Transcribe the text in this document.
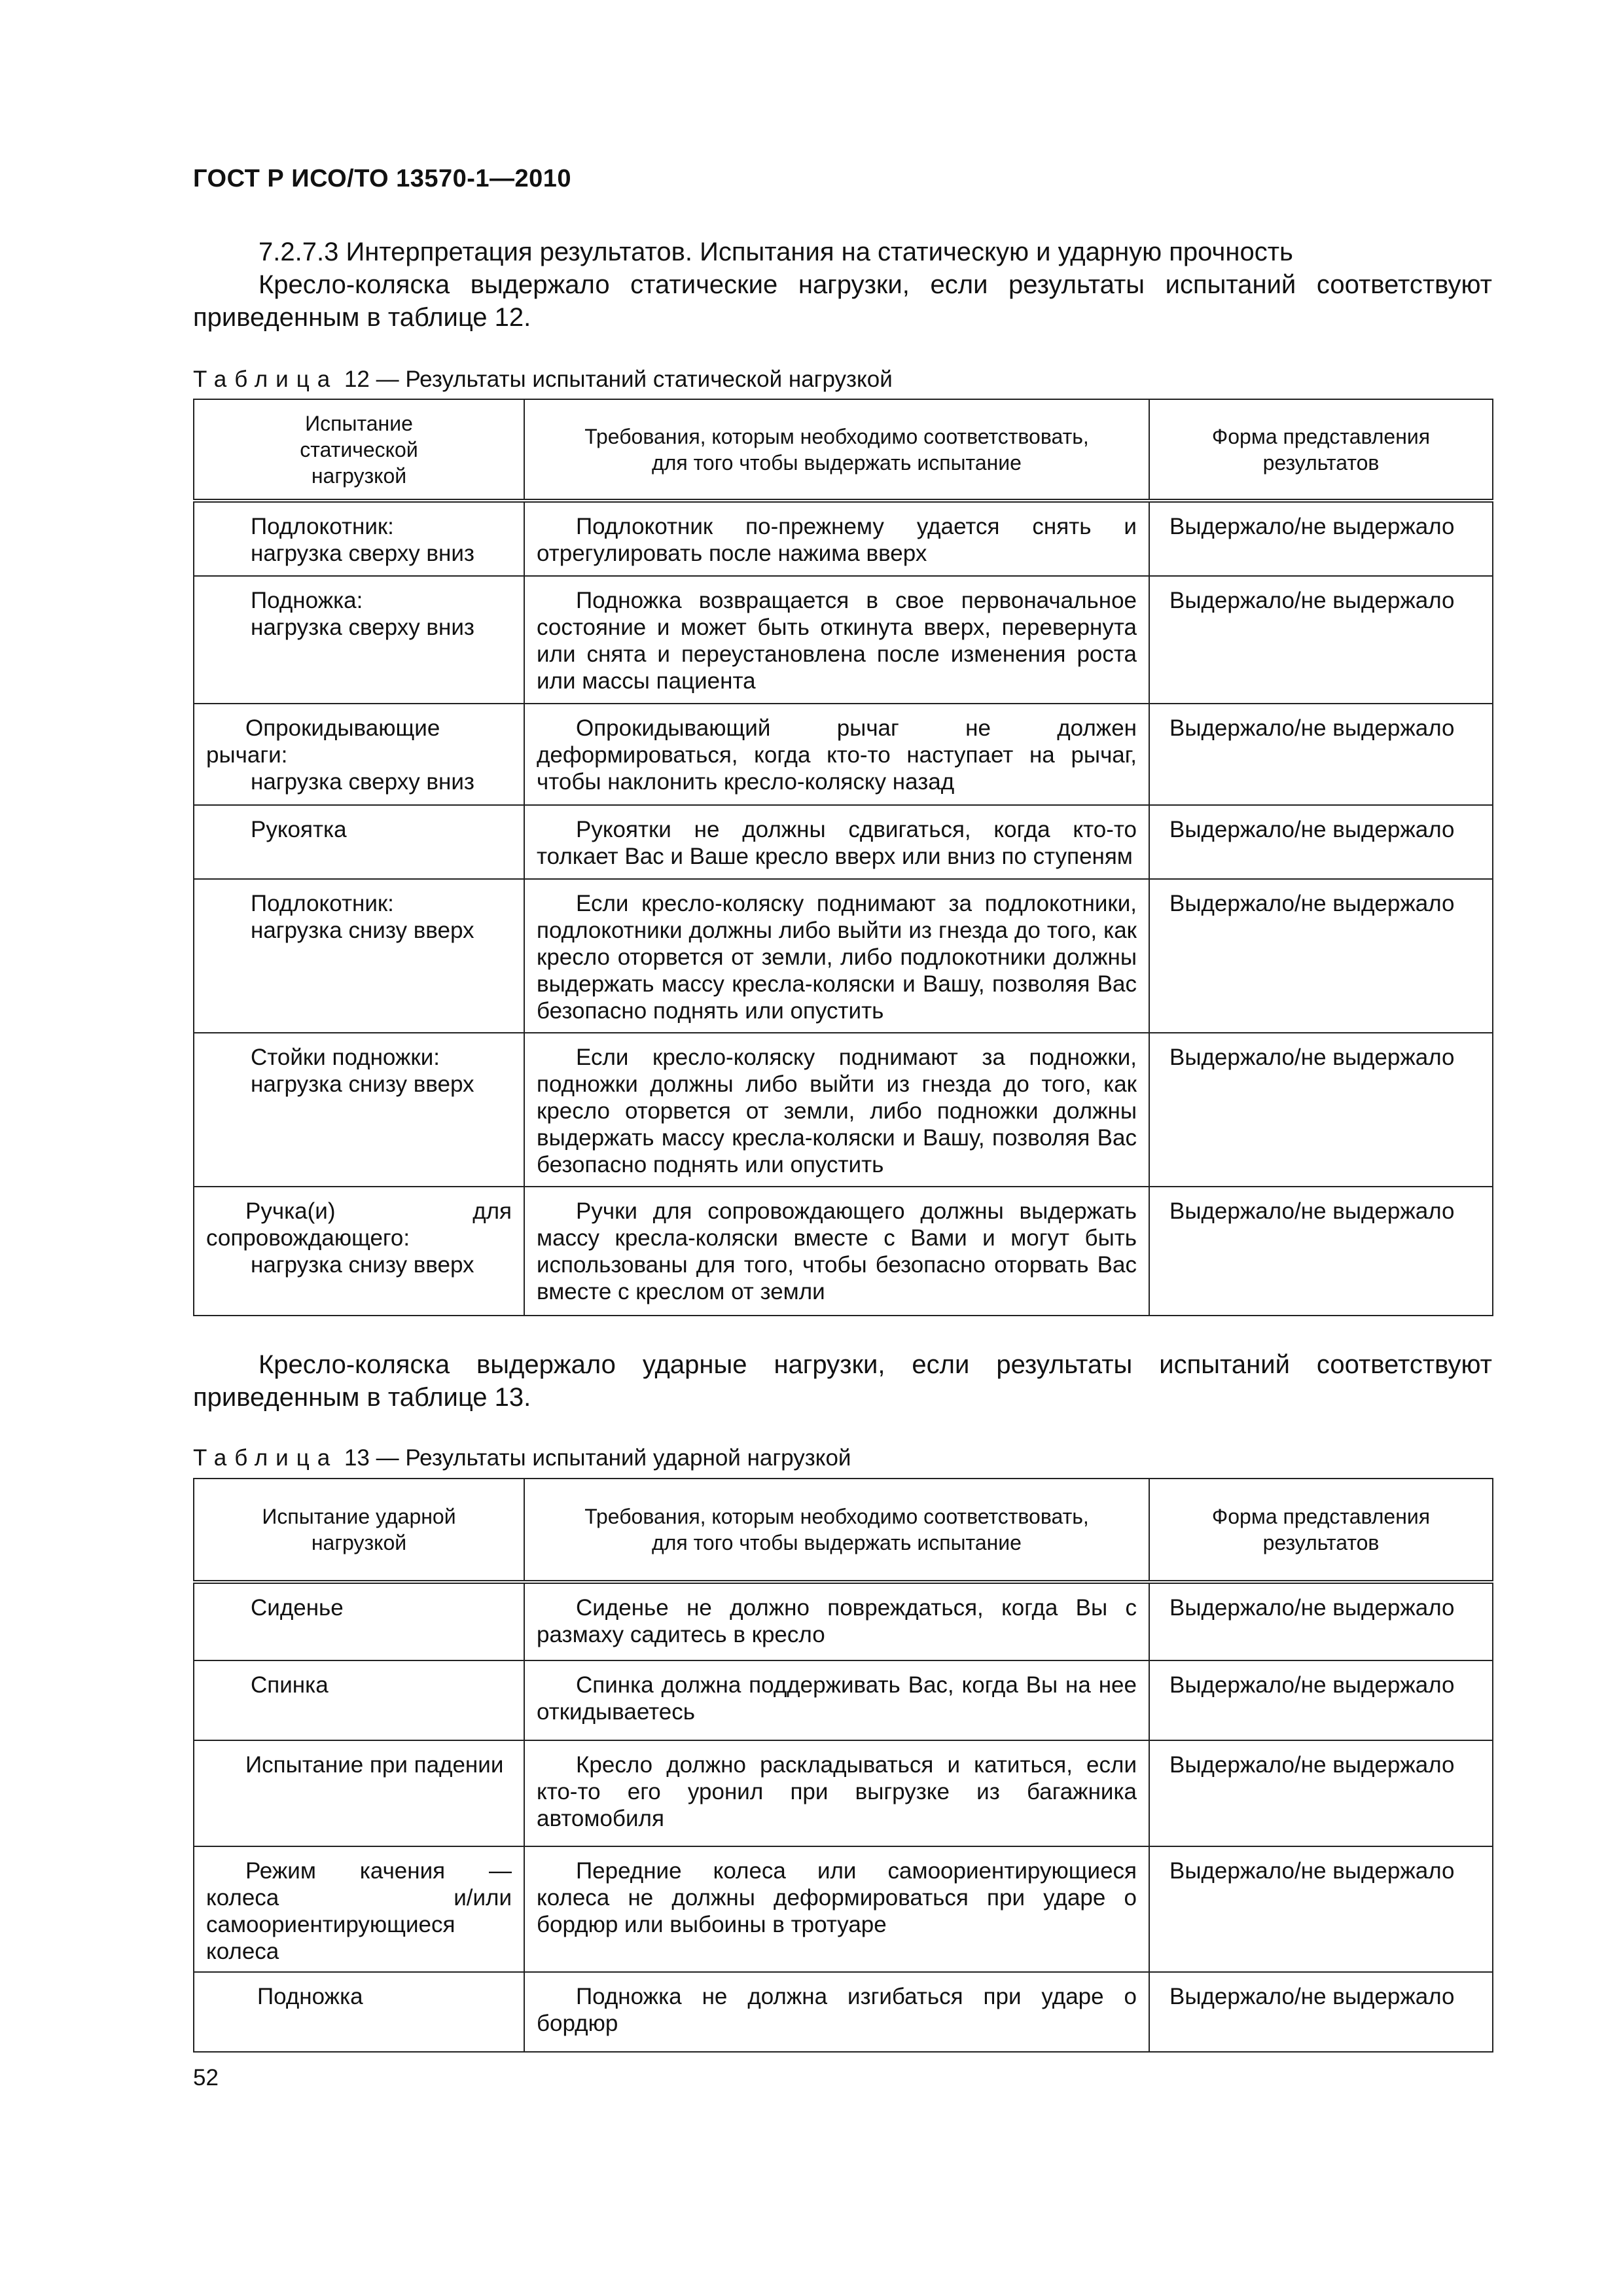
ГОСТ Р ИСО/ТО 13570-1—2010
7.2.7.3 Интерпретация результатов. Испытания на статическую и ударную прочность
Кресло-коляска выдержало статические нагрузки, если результаты испытаний соответствуют приведенным в таблице 12.
Таблица 12 — Результаты испытаний статической нагрузкой
Испытание статической нагрузкой	Требования, которым необходимо соответствовать, для того чтобы выдержать испытание	Форма представления результатов

Подлокотник:
нагрузка сверху вниз	Подлокотник по-прежнему удается снять и отрегулировать после нажима вверх	Выдержало/не выдержало

Подножка:
нагрузка сверху вниз	Подножка возвращается в свое первоначальное состояние и может быть откинута вверх, перевернута или снята и переустановлена после изменения роста или массы пациента	Выдержало/не выдержало

Опрокидывающие рычаги:
нагрузка сверху вниз	Опрокидывающий рычаг не должен деформироваться, когда кто-то наступает на рычаг, чтобы наклонить кресло-коляску назад	Выдержало/не выдержало

Рукоятка	Рукоятки не должны сдвигаться, когда кто-то толкает Вас и Ваше кресло вверх или вниз по ступеням	Выдержало/не выдержало

Подлокотник:
нагрузка снизу вверх	Если кресло-коляску поднимают за подлокотники, подлокотники должны либо выйти из гнезда до того, как кресло оторвется от земли, либо подлокотники должны выдержать массу кресла-коляски и Вашу, позволяя Вас безопасно поднять или опустить	Выдержало/не выдержало

Стойки подножки:
нагрузка снизу вверх	Если кресло-коляску поднимают за подножки, подножки должны либо выйти из гнезда до того, как кресло оторвется от земли, либо подножки должны выдержать массу кресла-коляски и Вашу, позволяя Вас безопасно поднять или опустить	Выдержало/не выдержало

Ручка(и) для сопровождающего:
нагрузка снизу вверх	Ручки для сопровождающего должны выдержать массу кресла-коляски вместе с Вами и могут быть использованы для того, чтобы безопасно оторвать Вас вместе с креслом от земли	Выдержало/не выдержало
Кресло-коляска выдержало ударные нагрузки, если результаты испытаний соответствуют приведенным в таблице 13.
Таблица 13 — Результаты испытаний ударной нагрузкой
Испытание ударной нагрузкой	Требования, которым необходимо соответствовать, для того чтобы выдержать испытание	Форма представления результатов

Сиденье	Сиденье не должно повреждаться, когда Вы с размаху садитесь в кресло	Выдержало/не выдержало

Спинка	Спинка должна поддерживать Вас, когда Вы на нее откидываетесь	Выдержало/не выдержало

Испытание при падении	Кресло должно раскладываться и катиться, если кто-то его уронил при выгрузке из багажника автомобиля	Выдержало/не выдержало

Режим качения — колеса и/или самоориентирующиеся колеса	Передние колеса или самоориентирующиеся колеса не должны деформироваться при ударе о бордюр или выбоины в тротуаре	Выдержало/не выдержало

Подножка	Подножка не должна изгибаться при ударе о бордюр	Выдержало/не выдержало
52
